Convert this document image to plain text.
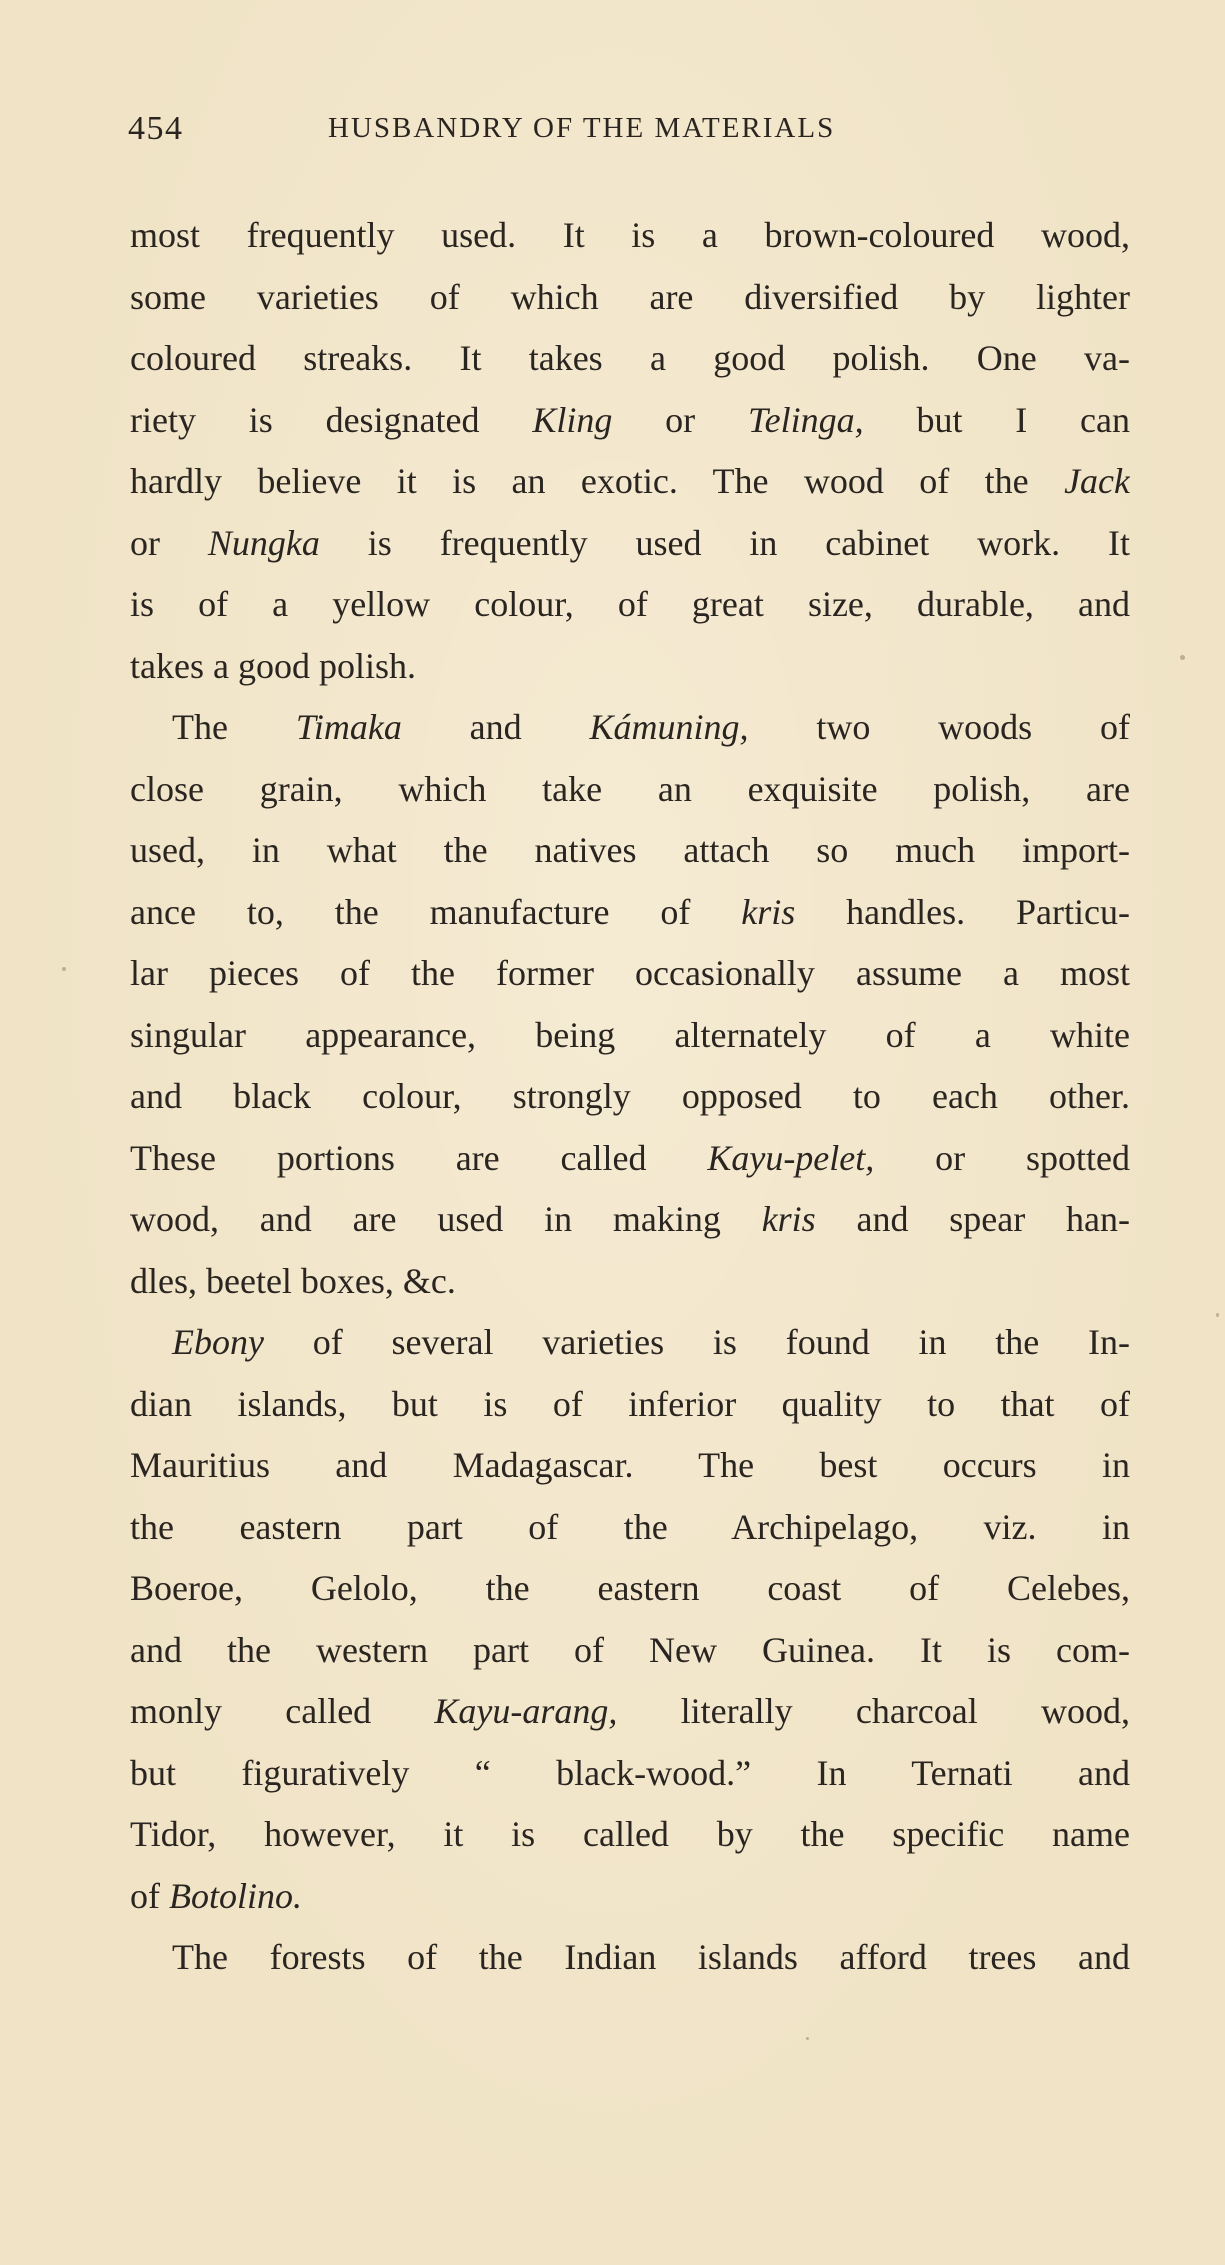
454	HUSBANDRY OF THE MATERIALS
most frequently used. It is a brown-coloured wood,
some varieties of which are diversified by lighter
coloured streaks. It takes a good polish. One va-
riety is designated Kling or Telinga, but I can
hardly believe it is an exotic. The wood of the Jack
or Nungka is frequently used in cabinet work. It
is of a yellow colour, of great size, durable, and
takes a good polish.
The Timaka and Kámuning, two woods of
close grain, which take an exquisite polish, are
used, in what the natives attach so much import-
ance to, the manufacture of kris handles. Particu-
lar pieces of the former occasionally assume a most
singular appearance, being alternately of a white
and black colour, strongly opposed to each other.
These portions are called Kayu-pelet, or spotted
wood, and are used in making kris and spear han-
dles, beetel boxes, &c.
Ebony of several varieties is found in the In-
dian islands, but is of inferior quality to that of
Mauritius and Madagascar. The best occurs in
the eastern part of the Archipelago, viz. in
Boeroe, Gelolo, the eastern coast of Celebes,
and the western part of New Guinea. It is com-
monly called Kayu-arang, literally charcoal wood,
but figuratively “ black-wood.” In Ternati and
Tidor, however, it is called by the specific name
of Botolino.
The forests of the Indian islands afford trees and
